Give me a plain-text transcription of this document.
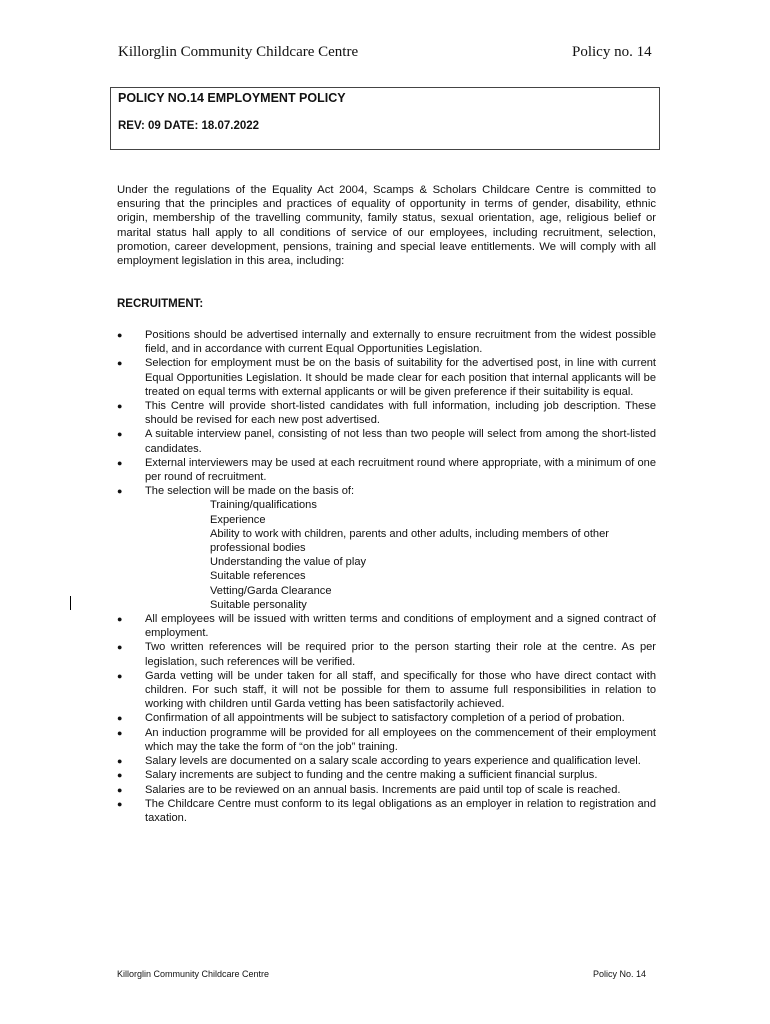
Killorglin Community Childcare Centre	Policy no. 14
POLICY NO.14 EMPLOYMENT POLICY
REV: 09 DATE: 18.07.2022
Under the regulations of the Equality Act 2004, Scamps & Scholars Childcare Centre is committed to ensuring that the principles and practices of equality of opportunity in terms of gender, disability, ethnic origin, membership of the travelling community, family status, sexual orientation, age, religious belief or marital status hall apply to all conditions of service of our employees, including recruitment, selection, promotion, career development, pensions, training and special leave entitlements. We will comply with all employment legislation in this area, including:
RECRUITMENT:
● Positions should be advertised internally and externally to ensure recruitment from the widest possible field, and in accordance with current Equal Opportunities Legislation.
● Selection for employment must be on the basis of suitability for the advertised post, in line with current Equal Opportunities Legislation. It should be made clear for each position that internal applicants will be treated on equal terms with external applicants or will be given preference if their suitability is equal.
● This Centre will provide short-listed candidates with full information, including job description. These should be revised for each new post advertised.
● A suitable interview panel, consisting of not less than two people will select from among the short-listed candidates.
● External interviewers may be used at each recruitment round where appropriate, with a minimum of one per round of recruitment.
● The selection will be made on the basis of:
Training/qualifications
Experience
Ability to work with children, parents and other adults, including members of other professional bodies
Understanding the value of play
Suitable references
Vetting/Garda Clearance
Suitable personality
● All employees will be issued with written terms and conditions of employment and a signed contract of employment.
● Two written references will be required prior to the person starting their role at the centre. As per legislation, such references will be verified.
● Garda vetting will be under taken for all staff, and specifically for those who have direct contact with children. For such staff, it will not be possible for them to assume full responsibilities in relation to working with children until Garda vetting has been satisfactorily achieved.
● Confirmation of all appointments will be subject to satisfactory completion of a period of probation.
● An induction programme will be provided for all employees on the commencement of their employment which may the take the form of “on the job” training.
● Salary levels are documented on a salary scale according to years experience and qualification level.
● Salary increments are subject to funding and the centre making a sufficient financial surplus.
● Salaries are to be reviewed on an annual basis. Increments are paid until top of scale is reached.
● The Childcare Centre must conform to its legal obligations as an employer in relation to registration and taxation.
Killorglin Community Childcare Centre	Policy No. 14
